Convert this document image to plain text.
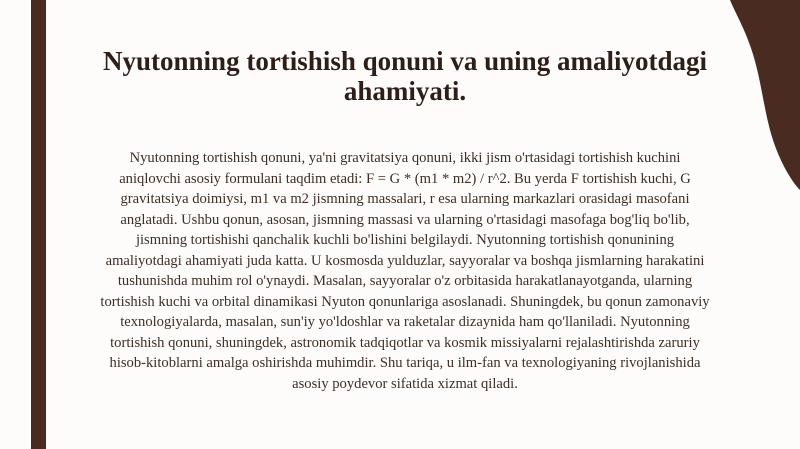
Nyutonning tortishish qonuni va uning amaliyotdagi ahamiyati.

Nyutonning tortishish qonuni, ya'ni gravitatsiya qonuni, ikki jism o'rtasidagi tortishish kuchini aniqlovchi asosiy formulani taqdim etadi: F = G * (m1 * m2) / r^2. Bu yerda F tortishish kuchi, G gravitatsiya doimiysi, m1 va m2 jismning massalari, r esa ularning markazlari orasidagi masofani anglatadi. Ushbu qonun, asosan, jismning massasi va ularning o'rtasidagi masofaga bog'liq bo'lib, jismning tortishishi qanchalik kuchli bo'lishini belgilaydi. Nyutonning tortishish qonunining amaliyotdagi ahamiyati juda katta. U kosmosda yulduzlar, sayyoralar va boshqa jismlarning harakatini tushunishda muhim rol o'ynaydi. Masalan, sayyoralar o'z orbitasida harakatlanayotganda, ularning tortishish kuchi va orbital dinamikasi Nyuton qonunlariga asoslanadi. Shuningdek, bu qonun zamonaviy texnologiyalarda, masalan, sun'iy yo'ldoshlar va raketalar dizaynida ham qo'llaniladi. Nyutonning tortishish qonuni, shuningdek, astronomik tadqiqotlar va kosmik missiyalarni rejalashtirishda zaruriy hisob-kitoblarni amalga oshirishda muhimdir. Shu tariqa, u ilm-fan va texnologiyaning rivojlanishida asosiy poydevor sifatida xizmat qiladi.
